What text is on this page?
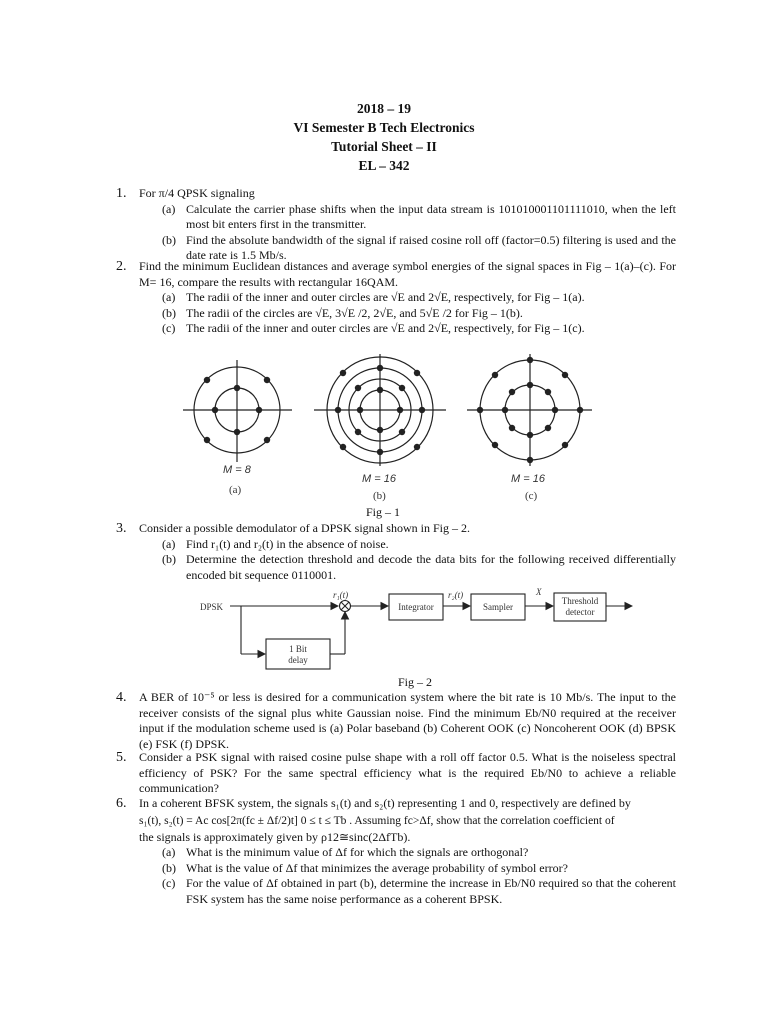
2018 – 19
VI Semester B Tech Electronics
Tutorial Sheet – II
EL – 342
1.	For π/4 QPSK signaling
(a) Calculate the carrier phase shifts when the input data stream is 101010001101111010, when the left most bit enters first in the transmitter.
(b) Find the absolute bandwidth of the signal if raised cosine roll off (factor=0.5) filtering is used and the date rate is 1.5 Mb/s.
2.	Find the minimum Euclidean distances and average symbol energies of the signal spaces in Fig – 1(a)–(c). For M= 16, compare the results with rectangular 16QAM.
(a) The radii of the inner and outer circles are √E and 2√E, respectively, for Fig – 1(a).
(b) The radii of the circles are √E, 3√E /2, 2√E, and 5√E /2 for Fig – 1(b).
(c) The radii of the inner and outer circles are √E and 2√E, respectively, for Fig – 1(c).
M = 8
(a)
M = 16
(b)
M = 16
(c)
Fig – 1
3.	Consider a possible demodulator of a DPSK signal shown in Fig – 2.
(a) Find r₁(t) and r₂(t) in the absence of noise.
(b) Determine the detection threshold and decode the data bits for the following received differentially encoded bit sequence 0110001.
DPSK
r₁(t)	r₂(t)	X
Integrator	Sampler
Threshold
detector
1 Bit
delay
Fig – 2
4.	A BER of 10⁻⁵ or less is desired for a communication system where the bit rate is 10 Mb/s. The input to the receiver consists of the signal plus white Gaussian noise. Find the minimum Eb/N0 required at the receiver input if the modulation scheme used is (a) Polar baseband (b) Coherent OOK (c) Noncoherent OOK (d) BPSK (e) FSK (f) DPSK.
5.	Consider a PSK signal with raised cosine pulse shape with a roll off factor 0.5. What is the noiseless spectral efficiency of PSK? For the same spectral efficiency what is the required Eb/N0 to achieve a reliable communication?
6.	In a coherent BFSK system, the signals s₁(t) and s₂(t) representing 1 and 0, respectively are defined by
s₁(t), s₂(t) = Ac cos[2π(fc ± Δf/2)t] 0 ≤ t ≤ Tb . Assuming fc>Δf, show that the correlation coefficient of
the signals is approximately given by ρ12≅sinc(2ΔfTb).
(a) What is the minimum value of Δf for which the signals are orthogonal?
(b) What is the value of Δf that minimizes the average probability of symbol error?
(c) For the value of Δf obtained in part (b), determine the increase in Eb/N0 required so that the coherent FSK system has the same noise performance as a coherent BPSK.
